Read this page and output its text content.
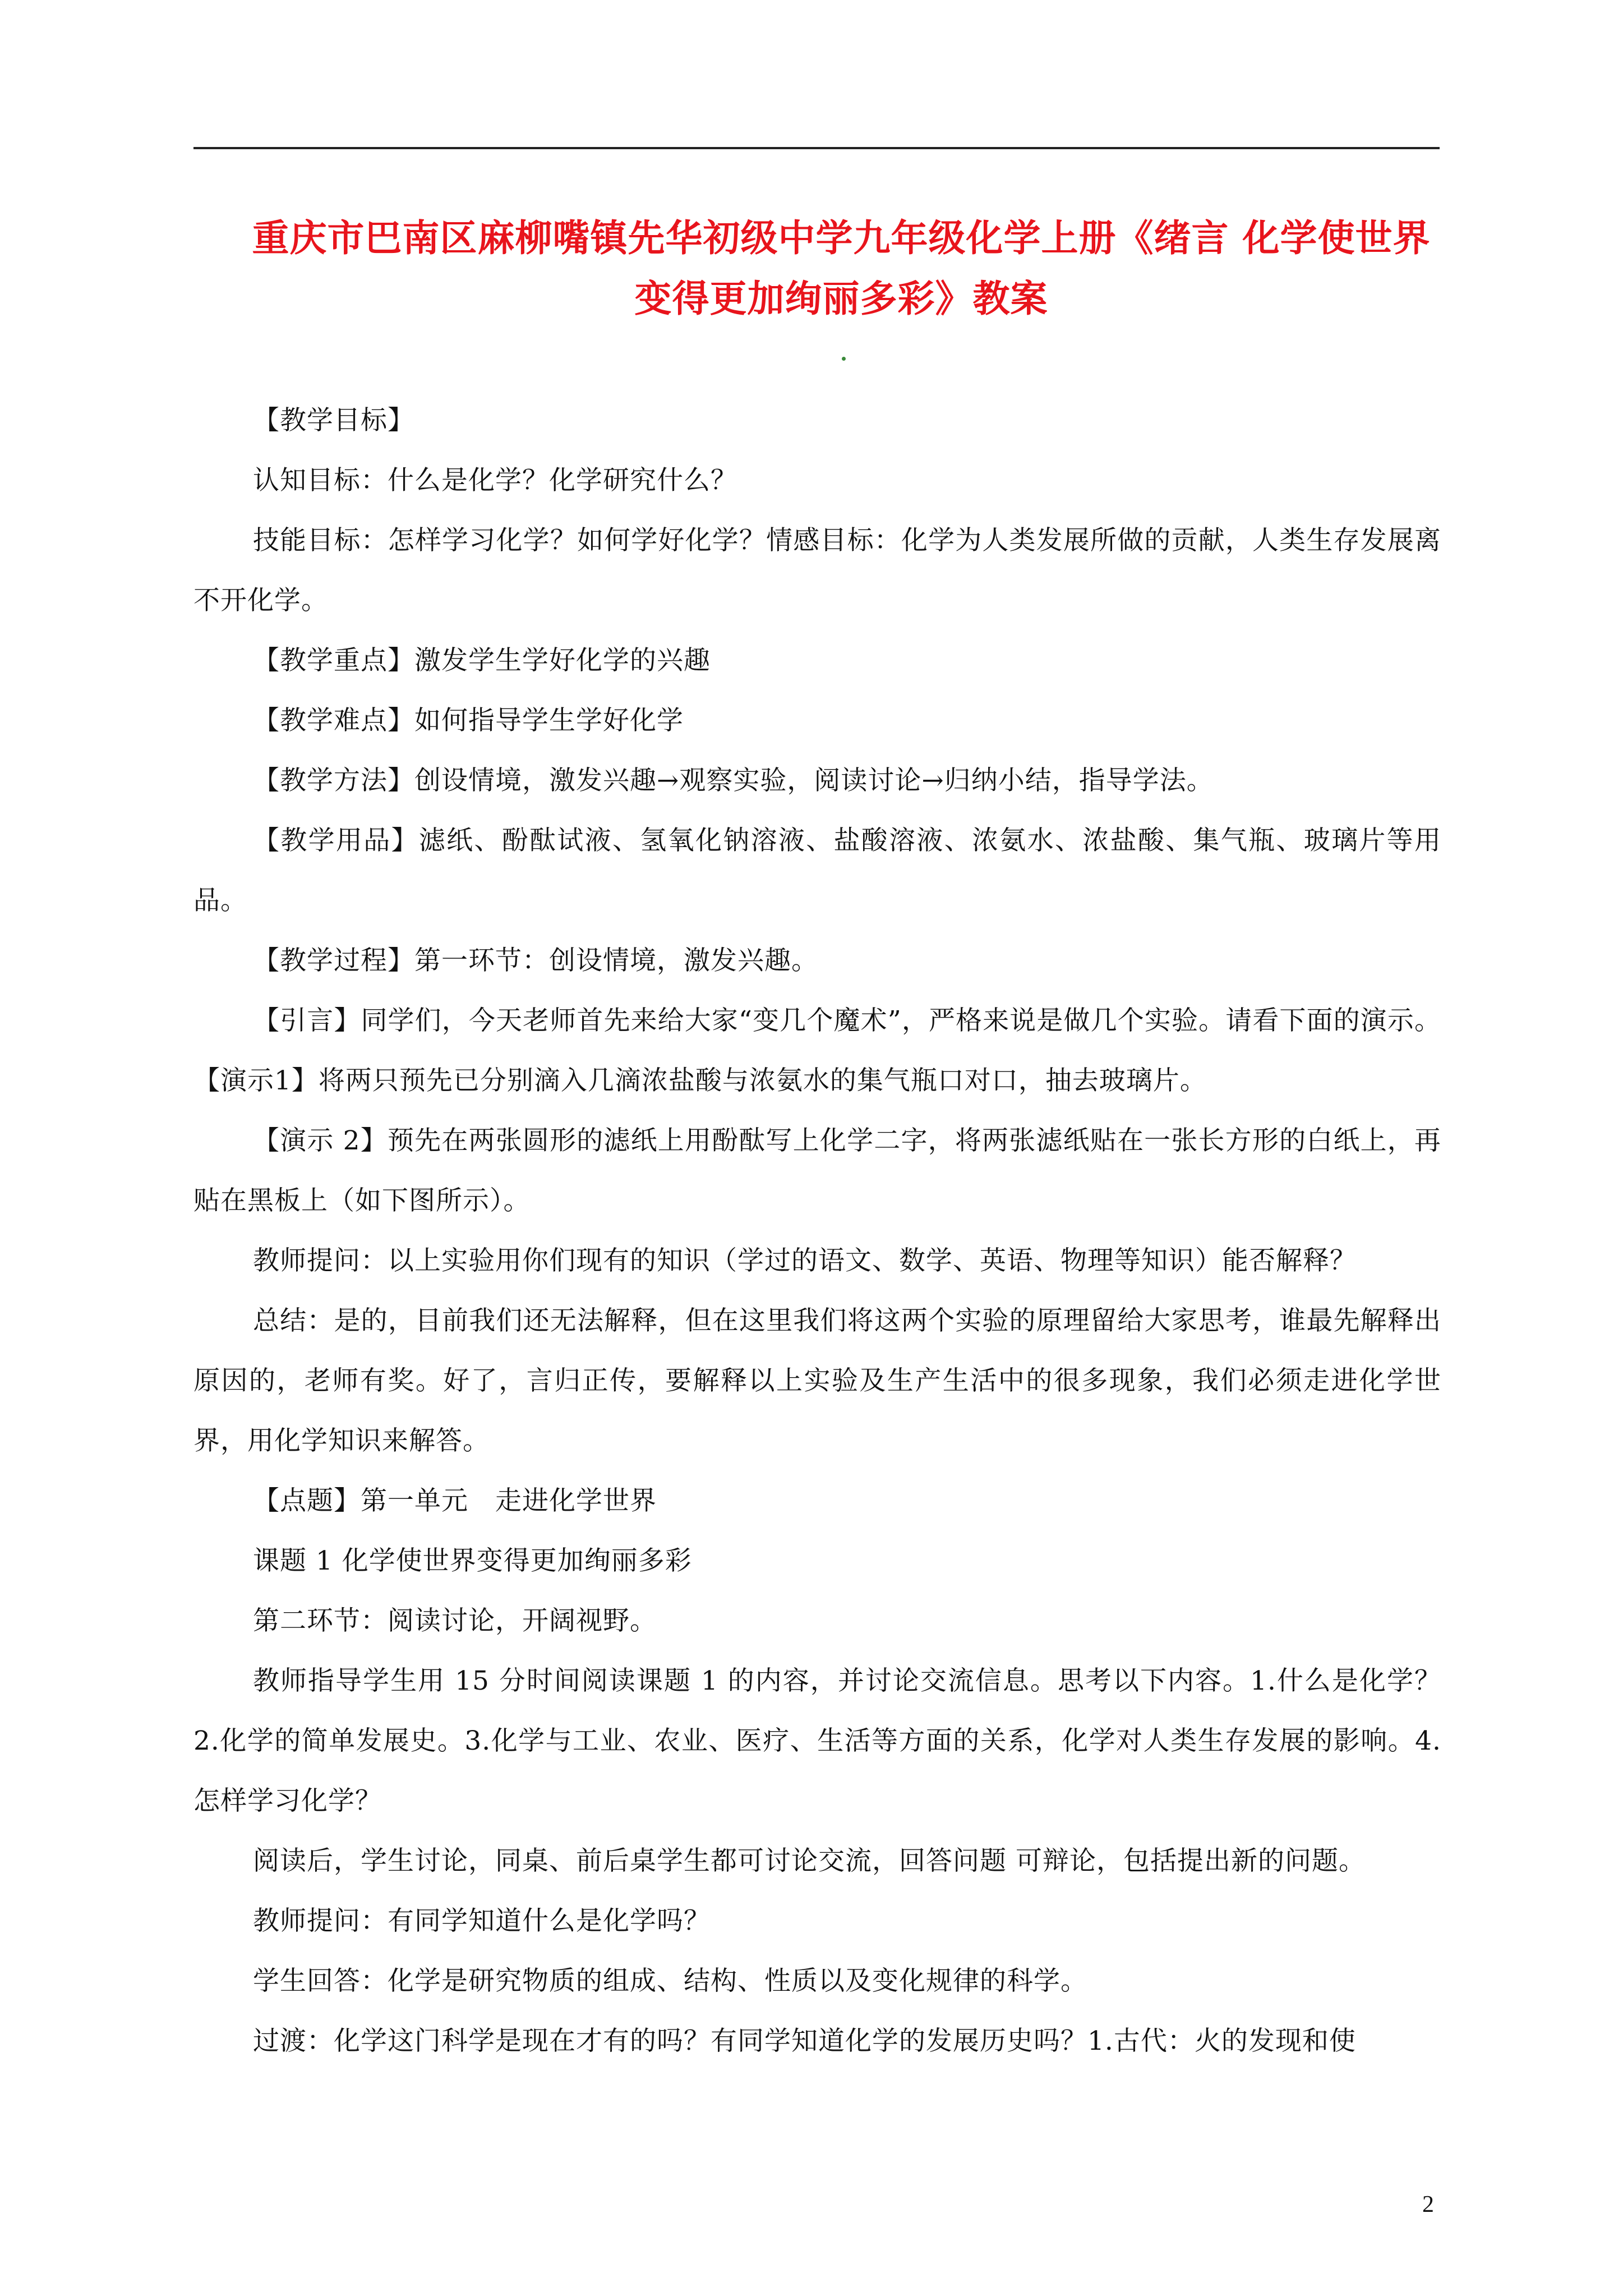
重庆市巴南区麻柳嘴镇先华初级中学九年级化学上册《绪言 化学使世界变得更加绚丽多彩》教案

【教学目标】

认知目标：什么是化学？化学研究什么？

技能目标：怎样学习化学？如何学好化学？情感目标：化学为人类发展所做的贡献，人类生存发展离不开化学。

【教学重点】激发学生学好化学的兴趣

【教学难点】如何指导学生学好化学

【教学方法】创设情境，激发兴趣→观察实验，阅读讨论→归纳小结，指导学法。

【教学用品】滤纸、酚酞试液、氢氧化钠溶液、盐酸溶液、浓氨水、浓盐酸、集气瓶、玻璃片等用品。

【教学过程】第一环节：创设情境，激发兴趣。

【引言】同学们，今天老师首先来给大家“变几个魔术”，严格来说是做几个实验。请看下面的演示。【演示1】将两只预先已分别滴入几滴浓盐酸与浓氨水的集气瓶口对口，抽去玻璃片。

【演示 2】预先在两张圆形的滤纸上用酚酞写上化学二字，将两张滤纸贴在一张长方形的白纸上，再贴在黑板上（如下图所示）。

教师提问：以上实验用你们现有的知识（学过的语文、数学、英语、物理等知识）能否解释？

总结：是的，目前我们还无法解释，但在这里我们将这两个实验的原理留给大家思考，谁最先解释出原因的，老师有奖。好了，言归正传，要解释以上实验及生产生活中的很多现象，我们必须走进化学世界，用化学知识来解答。

【点题】第一单元　走进化学世界

课题 1 化学使世界变得更加绚丽多彩

第二环节：阅读讨论，开阔视野。

教师指导学生用 15 分时间阅读课题 1 的内容，并讨论交流信息。思考以下内容。1.什么是化学？2.化学的简单发展史。3.化学与工业、农业、医疗、生活等方面的关系，化学对人类生存发展的影响。4.怎样学习化学？

阅读后，学生讨论，同桌、前后桌学生都可讨论交流，回答问题 可辩论，包括提出新的问题。

教师提问：有同学知道什么是化学吗？

学生回答：化学是研究物质的组成、结构、性质以及变化规律的科学。

过渡：化学这门科学是现在才有的吗？有同学知道化学的发展历史吗？1.古代：火的发现和使

2
